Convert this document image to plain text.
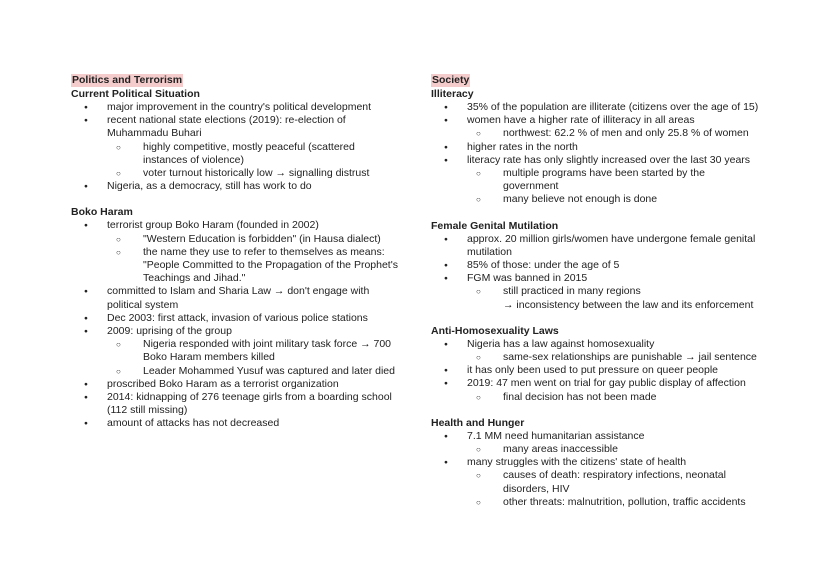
Politics and Terrorism

Current Political Situation

● major improvement in the country's political development
● recent national state elections (2019): re-election of Muhammadu Buhari
○ highly competitive, mostly peaceful (scattered instances of violence)
○ voter turnout historically low → signalling distrust
● Nigeria, as a democracy, still has work to do

Boko Haram

● terrorist group Boko Haram (founded in 2002)
○ "Western Education is forbidden" (in Hausa dialect)
○ the name they use to refer to themselves as means: "People Committed to the Propagation of the Prophet's Teachings and Jihad."
● committed to Islam and Sharia Law → don't engage with political system
● Dec 2003: first attack, invasion of various police stations
● 2009: uprising of the group
○ Nigeria responded with joint military task force → 700 Boko Haram members killed
○ Leader Mohammed Yusuf was captured and later died
● proscribed Boko Haram as a terrorist organization
● 2014: kidnapping of 276 teenage girls from a boarding school (112 still missing)
● amount of attacks has not decreased
Society

Illiteracy

● 35% of the population are illiterate (citizens over the age of 15)
● women have a higher rate of illiteracy in all areas
○ northwest: 62.2 % of men and only 25.8 % of women
● higher rates in the north
● literacy rate has only slightly increased over the last 30 years
○ multiple programs have been started by the government
○ many believe not enough is done

Female Genital Mutilation

● approx. 20 million girls/women have undergone female genital mutilation
● 85% of those: under the age of 5
● FGM was banned in 2015
○ still practiced in many regions
→ inconsistency between the law and its enforcement

Anti-Homosexuality Laws

● Nigeria has a law against homosexuality
○ same-sex relationships are punishable → jail sentence
● it has only been used to put pressure on queer people
● 2019: 47 men went on trial for gay public display of affection
○ final decision has not been made

Health and Hunger

● 7.1 MM need humanitarian assistance
○ many areas inaccessible
● many struggles with the citizens' state of health
○ causes of death: respiratory infections, neonatal disorders, HIV
○ other threats: malnutrition, pollution, traffic accidents
